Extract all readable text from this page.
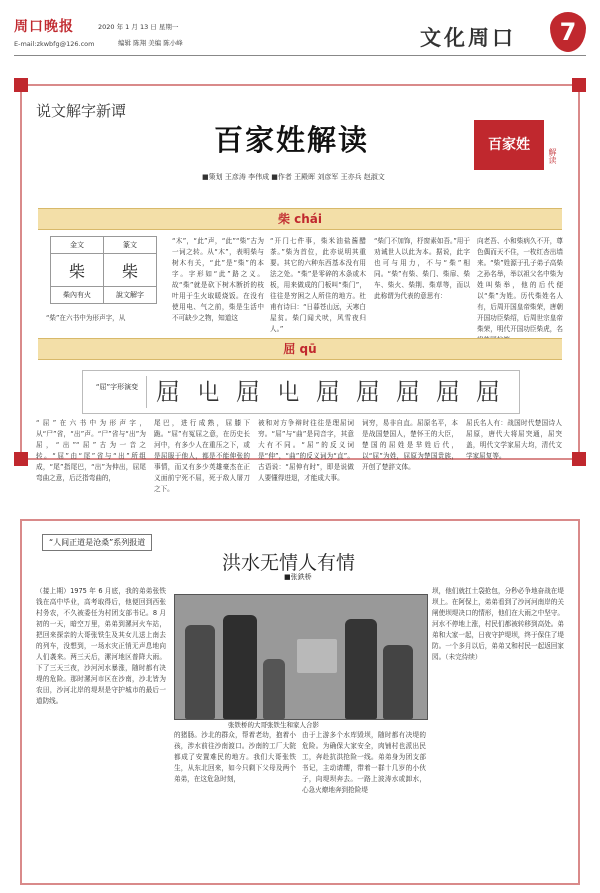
周口晚报	2020 年 1 月 13 日 星期一
E-mail:zkwbfg@126.com	编辑 陈翔 美编 陈小峰	文化周口	7
说文解字新谭
百家姓解读
■策划 王彦涛 李伟成 ■作者 王殿晖 刘彦军 王亦兵 赵淑文
百家姓
解读
柴 chái
金文	篆文
柴	柴
柴內有火	說文解字
“柴”在六书中为形声字，从
“木”，“此”声，“此”“柴”古为一词之转。从“木”，表明柴与树木有关，“此”是“柴”的本字。字形如“此”路之义。故“柴”就是砍下树木断折的枝叶用于生火取暖烧饭。在没有使用电、气之前，柴是生活中不可缺少之物，知道这
“开门七件事，柴米油盐酱醋茶。”柴为首位，此亦说明其重要。其它的六种东西基本没有用法之处。“柴”是零碎的木条或木板，用来做成的门板叫“柴门”，往往是穷困之人所住的地方。杜甫有诗曰：“日暮苍山远，天寒白屋贫。柴门闻犬吠，风雪夜归人。”
“柴门不加饰，杼窗素如吾。”用于劝诫世人以此为本。据说，此字也可与用力，不与“柴”相同。“柴”有柴、柴门、柴扉、柴车、柴火、柴荆、柴草等，而以此称谓为代表的意思有：
向老吾、小和柴病久不开，尊色偶而天不住，一枚红杏出墙来。“柴”姓源于孔子弟子高柴之孙名举，举以祖父名中柴为姓叫柴举，他的后代便以“柴”为姓。历代柴姓名人有，后周开国皇帝柴荣，唐朝开国功臣柴绍，后周世宗皇帝柴荣，明代开国功臣柴虎，名
屈 qū
“屈”字形演变 屈 𡳾 屈 𡳾 屈 屈 屈 屈 屈
“屈”在六书中为形声字，从“尸”省，“出”声。“尸”省与“出”为屈，“出”“屈”古为一音之转。“屈”由“尾”省与“出”所组成，“尾”指尾巴，“出”为伸出，屈尾弯曲之意，后泛指弯曲的，
尾巴，进行成熟，屈膝下跪。“屈”有冤屈之意，在历史长河中，有多少人在重压之下，或是屈服于他人，都是不能伸张的事情，而又有多少英雄豪杰在正义面前宁死不屈，死于敌人屠刀之下。
被和对方争辩时往往是理屈词穷。“屈”与“曲”是同音字，其意大有不同。“屈”的反义词是“伸”，“曲”的反义词为“直”。古语说：“屈伸有时”，即是说做人要懂得进退，才能成大事。
词穷，易非自直。屈原名平，本是战国楚国人，楚怀王的大臣，楚国的屈姓是芈姓后代，以“屈”为姓，屈原为楚国贵族，开创了楚辞文体。
屈氏名人有：战国时代楚国诗人屈原，唐代大将屈突通，屈突盖，明代文学家屈大均，清代文学家屈复等。
“人间正道是沧桑”系列报道
洪水无情人有情
■张鉄桥
张铁桥的大哥张铁生和家人合影
（接上期）1975 年 6 月底，我的弟弟张铁钱在高中毕业，高考取得后，他便回到西张村务农，不久被委任为村团支部书记。8 月初的一天，暗空万里，弟弟到漯河火车站，把回来探亲的大哥张铁生及其女儿送上南去的列车，没想到，一场水灾正悄无声息地向人们袭来。两三天后，漯河地区普降大雨。下了三天三夜，沙河河水暴涨，随时都有决堤的危险。那时漯河市区在沙南，沙北皆为农田，沙河北岸的堤坝是守护城市的最后一道防线。
的猪肠。沙北的群众，帮着老幼，抱着小孩，涉水前往沙南渡口。沙南的工厂大院都成了安置难民的地方。我们大哥张铁生，从东北回来，如今只剩下父母及两个弟弟，在这危急时刻，
由于上游多个水库毁坝，随时都有决堤的危险。为确保大家安全，肉铺村也派出民工，奔赴抗洪抢险一线。弟弟身为团支部书记，主动请缨，带着一群十几岁的小伙子，向堤坝奔去。一路上波涛水或卸水，心急火燎地奔到抢险堤
坝，他们就扛土袋抢包，分秒必争地奋战在堤坝上。在阿保上，弟弟看到了沙河河南岸的关闸使坝堤决口的情形，他们在大雨之中坚守。河水不停地上涨，村民们都被转移到高处。弟弟和大家一起，日夜守护堤坝，终于保住了堤防。一个多月以后，弟弟又和村民一起返回家园。（未完待续）
